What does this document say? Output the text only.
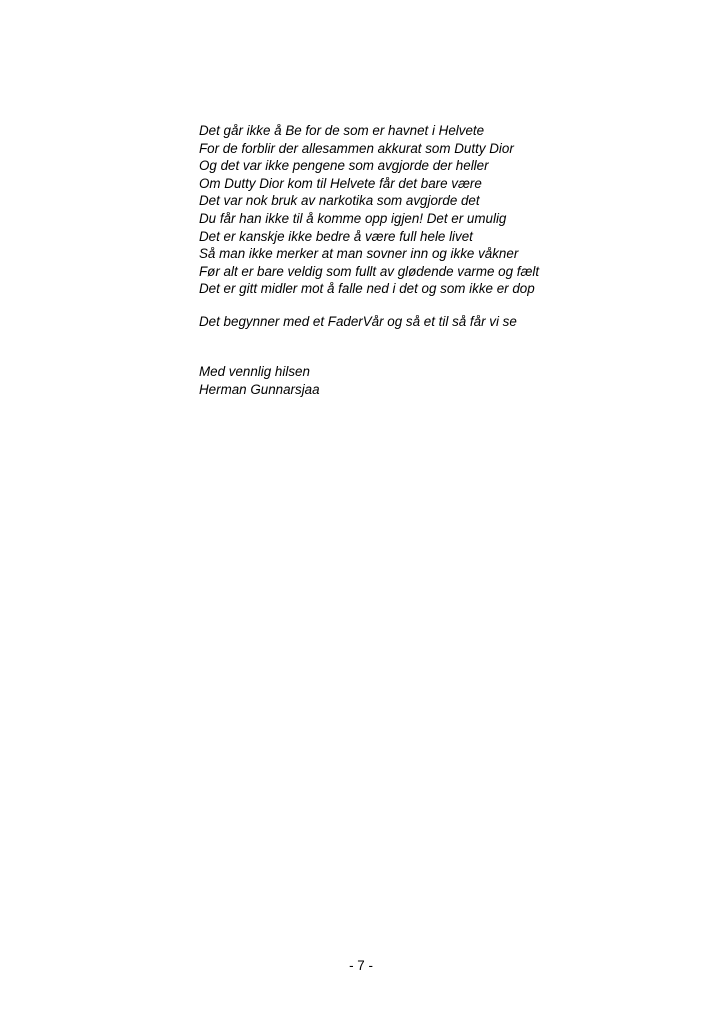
Det går ikke å Be for de som er havnet i Helvete
For de forblir der allesammen akkurat som Dutty Dior
Og det var ikke pengene som avgjorde der heller
Om Dutty Dior kom til Helvete får det bare være
Det var nok bruk av narkotika som avgjorde det
Du får han ikke til å komme opp igjen! Det er umulig
Det er kanskje ikke bedre å være full hele livet
Så man ikke merker at man sovner inn og ikke våkner
Før alt er bare veldig som fullt av glødende varme og fælt
Det er gitt midler mot å falle ned i det og som ikke er dop
Det begynner med et FaderVår og så et til så får vi se
Med vennlig hilsen
Herman Gunnarsjaa
- 7 -
